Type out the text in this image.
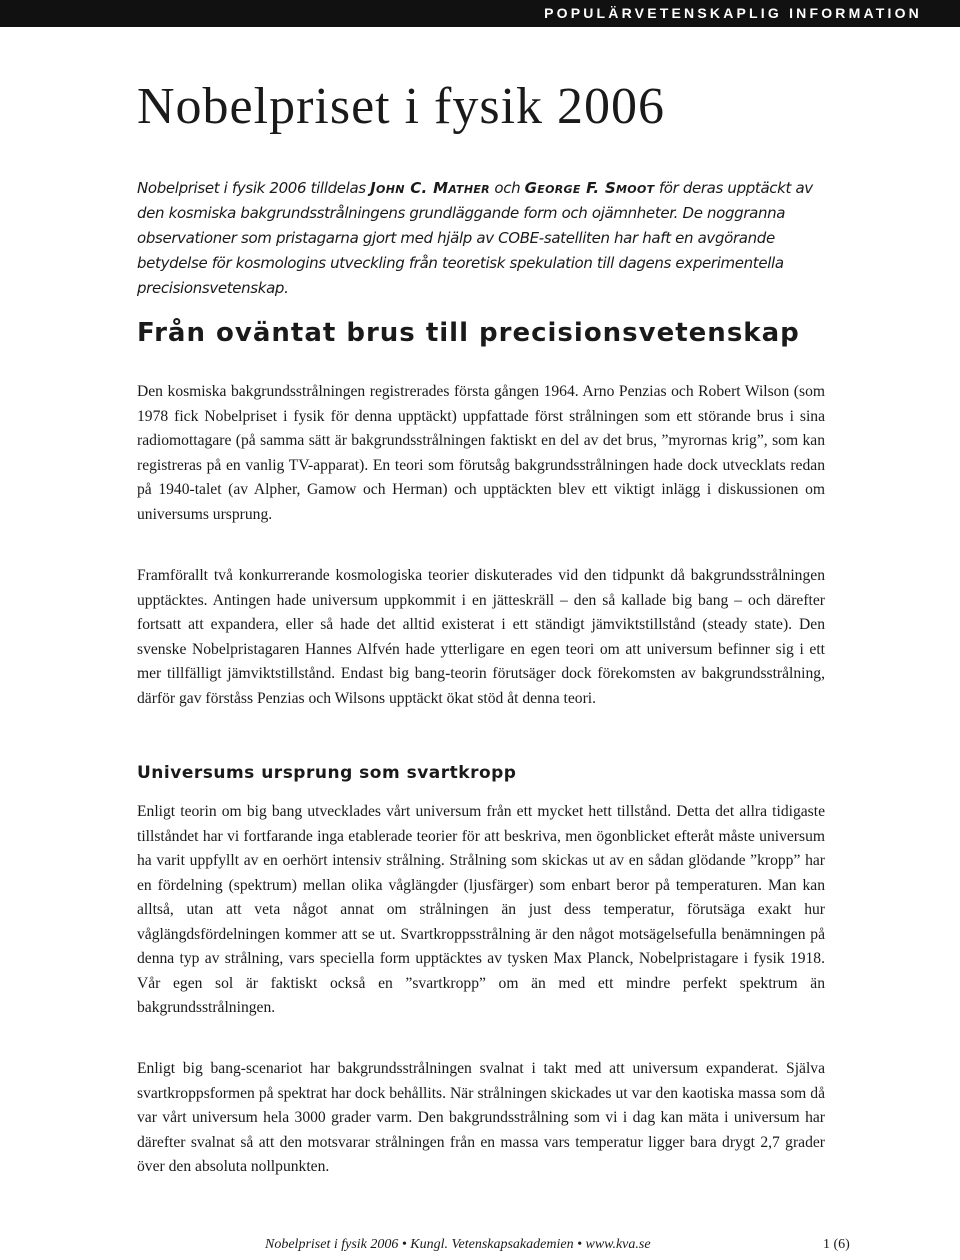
POPULÄRVETENSKAPLIG INFORMATION
Nobelpriset i fysik 2006

Nobelpriset i fysik 2006 tilldelas John C. Mather och George F. Smoot för deras upptäckt av den kosmiska bakgrundsstrålningens grundläggande form och ojämnheter. De noggranna observationer som pristagarna gjort med hjälp av COBE-satelliten har haft en avgörande betydelse för kosmologins utveckling från teoretisk spekulation till dagens experimentella precisionsvetenskap.

Från oväntat brus till precisionsvetenskap

Den kosmiska bakgrundsstrålningen registrerades första gången 1964. Arno Penzias och Robert Wilson (som 1978 fick Nobelpriset i fysik för denna upptäckt) uppfattade först strålningen som ett störande brus i sina radiomottagare (på samma sätt är bakgrundsstrålningen faktiskt en del av det brus, ”myrornas krig”, som kan registreras på en vanlig TV-apparat). En teori som förutsåg bakgrundsstrålningen hade dock utvecklats redan på 1940-talet (av Alpher, Gamow och Herman) och upptäckten blev ett viktigt inlägg i diskussionen om universums ursprung.

Framförallt två konkurrerande kosmologiska teorier diskuterades vid den tidpunkt då bakgrundsstrålningen upptäcktes. Antingen hade universum uppkommit i en jätteskräll – den så kallade big bang – och därefter fortsatt att expandera, eller så hade det alltid existerat i ett ständigt jämviktstillstånd (steady state). Den svenske Nobelpristagaren Hannes Alfvén hade ytterligare en egen teori om att universum befinner sig i ett mer tillfälligt jämviktstillstånd. Endast big bang-teorin förutsäger dock förekomsten av bakgrundsstrålning, därför gav förståss Penzias och Wilsons upptäckt ökat stöd åt denna teori.

Universums ursprung som svartkropp

Enligt teorin om big bang utvecklades vårt universum från ett mycket hett tillstånd. Detta det allra tidigaste tillståndet har vi fortfarande inga etablerade teorier för att beskriva, men ögonblicket efteråt måste universum ha varit uppfyllt av en oerhört intensiv strålning. Strålning som skickas ut av en sådan glödande ”kropp” har en fördelning (spektrum) mellan olika våglängder (ljusfärger) som enbart beror på temperaturen. Man kan alltså, utan att veta något annat om strålningen än just dess temperatur, förutsäga exakt hur våglängdsfördelningen kommer att se ut. Svartkroppsstrålning är den något motsägelsefulla benämningen på denna typ av strålning, vars speciella form upptäcktes av tysken Max Planck, Nobelpristagare i fysik 1918. Vår egen sol är faktiskt också en ”svartkropp” om än med ett mindre perfekt spektrum än bakgrundsstrålningen.

Enligt big bang-scenariot har bakgrundsstrålningen svalnat i takt med att universum expanderat. Själva svartkroppsformen på spektrat har dock behållits. När strålningen skickades ut var den kaotiska massa som då var vårt universum hela 3000 grader varm. Den bakgrundsstrålning som vi i dag kan mäta i universum har därefter svalnat så att den motsvarar strålningen från en massa vars temperatur ligger bara drygt 2,7 grader över den absoluta nollpunkten.

Nobelpriset i fysik 2006 • Kungl. Vetenskapsakademien • www.kva.se	1 (6)
